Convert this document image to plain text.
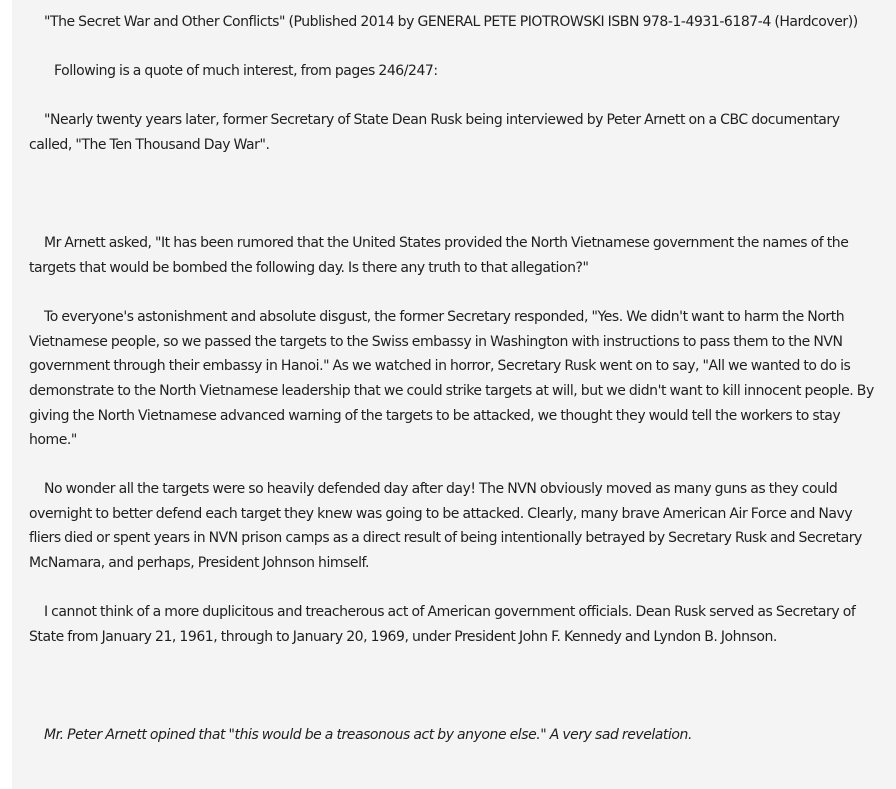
"The Secret War and Other Conflicts" (Published 2014 by GENERAL PETE PIOTROWSKI ISBN 978-1-4931-6187-4 (Hardcover))

Following is a quote of much interest, from pages 246/247:

"Nearly twenty years later, former Secretary of State Dean Rusk being interviewed by Peter Arnett on a CBC documentary called, "The Ten Thousand Day War".

Mr Arnett asked, "It has been rumored that the United States provided the North Vietnamese government the names of the targets that would be bombed the following day. Is there any truth to that allegation?"

To everyone's astonishment and absolute disgust, the former Secretary responded, "Yes. We didn't want to harm the North Vietnamese people, so we passed the targets to the Swiss embassy in Washington with instructions to pass them to the NVN government through their embassy in Hanoi." As we watched in horror, Secretary Rusk went on to say, "All we wanted to do is demonstrate to the North Vietnamese leadership that we could strike targets at will, but we didn't want to kill innocent people. By giving the North Vietnamese advanced warning of the targets to be attacked, we thought they would tell the workers to stay home."

No wonder all the targets were so heavily defended day after day! The NVN obviously moved as many guns as they could overnight to better defend each target they knew was going to be attacked. Clearly, many brave American Air Force and Navy fliers died or spent years in NVN prison camps as a direct result of being intentionally betrayed by Secretary Rusk and Secretary McNamara, and perhaps, President Johnson himself.

I cannot think of a more duplicitous and treacherous act of American government officials. Dean Rusk served as Secretary of State from January 21, 1961, through to January 20, 1969, under President John F. Kennedy and Lyndon B. Johnson.

Mr. Peter Arnett opined that "this would be a treasonous act by anyone else." A very sad revelation.
